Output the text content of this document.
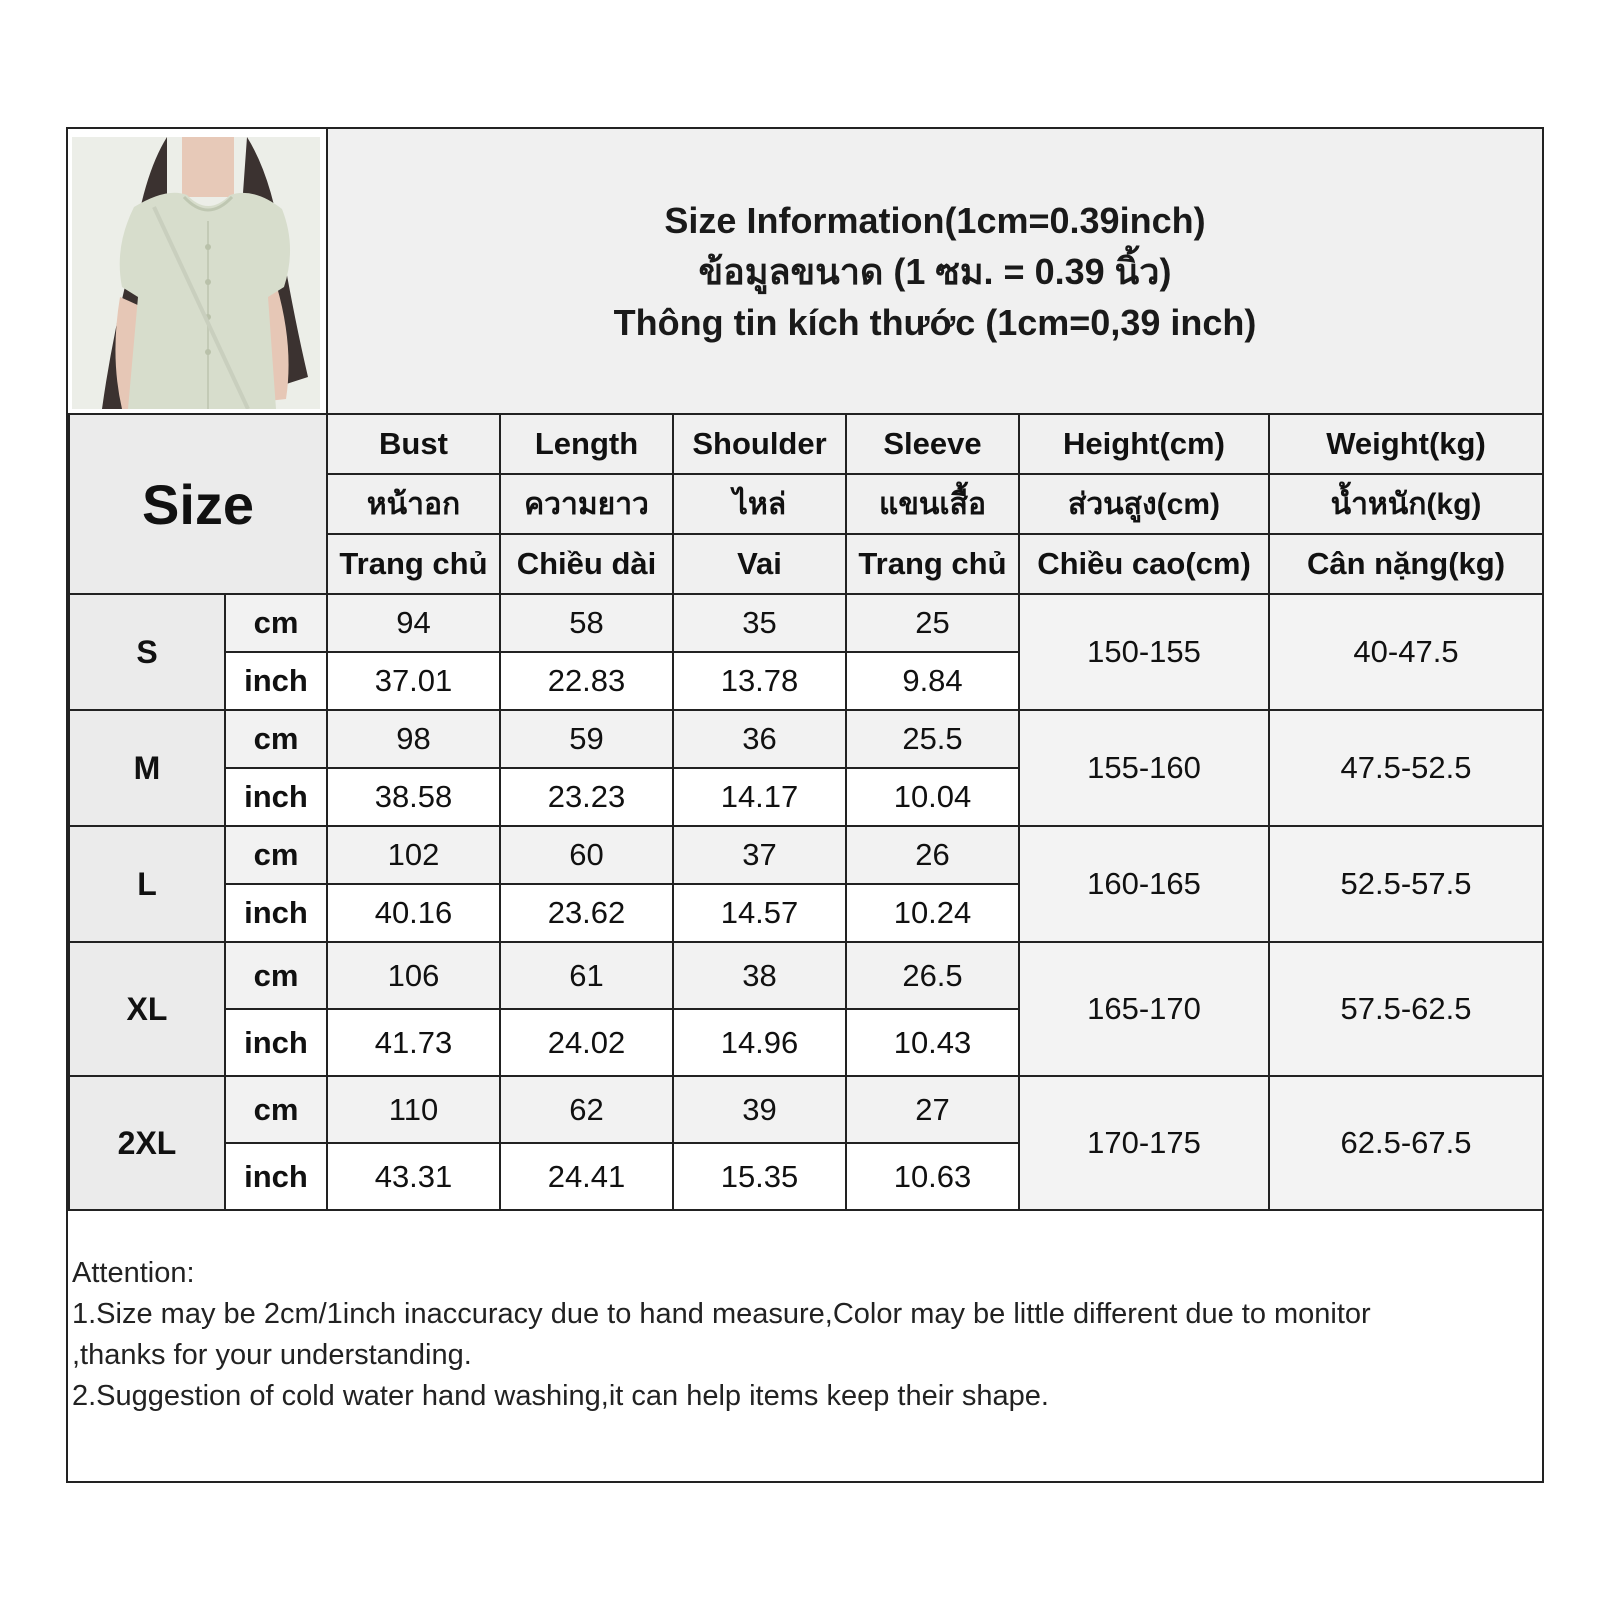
Size Information(1cm=0.39inch)
ข้อมูลขนาด (1 ซม. = 0.39 นิ้ว)
Thông tin kích thước (1cm=0,39 inch)
Size		Bust	Length	Shoulder	Sleeve	Height(cm)	Weight(kg)
		หน้าอก	ความยาว	ไหล่	แขนเสื้อ	ส่วนสูง(cm)	น้ำหนัก(kg)
		Trang chủ	Chiều dài	Vai	Trang chủ	Chiều cao(cm)	Cân nặng(kg)
S	cm	94	58	35	25	150-155	40-47.5
	inch	37.01	22.83	13.78	9.84		
M	cm	98	59	36	25.5	155-160	47.5-52.5
	inch	38.58	23.23	14.17	10.04		
L	cm	102	60	37	26	160-165	52.5-57.5
	inch	40.16	23.62	14.57	10.24		
XL	cm	106	61	38	26.5	165-170	57.5-62.5
	inch	41.73	24.02	14.96	10.43		
2XL	cm	110	62	39	27	170-175	62.5-67.5
	inch	43.31	24.41	15.35	10.63		

Attention:

1.Size may be 2cm/1inch inaccuracy due to hand measure,Color may be little different due to monitor

,thanks for your understanding.

2.Suggestion of cold water hand washing,it can help items keep their shape.
